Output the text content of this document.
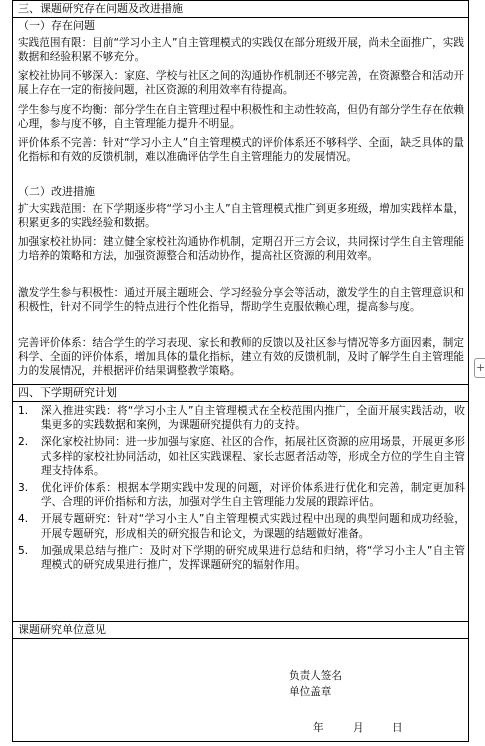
三、课题研究存在问题及改进措施
（一）存在问题
实践范围有限：目前“学习小主人”自主管理模式的实践仅在部分班级开展，尚未全面推广，实践数据和经验积累不够充分。
家校社协同不够深入：家庭、学校与社区之间的沟通协作机制还不够完善，在资源整合和活动开展上存在一定的衔接问题，社区资源的利用效率有待提高。
学生参与度不均衡：部分学生在自主管理过程中积极性和主动性较高，但仍有部分学生存在依赖心理，参与度不够，自主管理能力提升不明显。
评价体系不完善：针对“学习小主人”自主管理模式的评价体系还不够科学、全面，缺乏具体的量化指标和有效的反馈机制，难以准确评估学生自主管理能力的发展情况。
（二）改进措施
扩大实践范围：在下学期逐步将“学习小主人”自主管理模式推广到更多班级，增加实践样本量，积累更多的实践经验和数据。
加强家校社协同：建立健全家校社沟通协作机制，定期召开三方会议，共同探讨学生自主管理能力培养的策略和方法，加强资源整合和活动协作，提高社区资源的利用效率。
激发学生参与积极性：通过开展主题班会、学习经验分享会等活动，激发学生的自主管理意识和积极性，针对不同学生的特点进行个性化指导，帮助学生克服依赖心理，提高参与度。
完善评价体系：结合学生的学习表现、家长和教师的反馈以及社区参与情况等多方面因素，制定科学、全面的评价体系，增加具体的量化指标，建立有效的反馈机制，及时了解学生自主管理能力的发展情况，并根据评价结果调整教学策略。
四、下学期研究计划
1. 深入推进实践：将“学习小主人”自主管理模式在全校范围内推广，全面开展实践活动，收集更多的实践数据和案例，为课题研究提供有力的支持。
2. 深化家校社协同：进一步加强与家庭、社区的合作，拓展社区资源的应用场景，开展更多形式多样的家校社协同活动，如社区实践课程、家长志愿者活动等，形成全方位的学生自主管理支持体系。
3. 优化评价体系：根据本学期实践中发现的问题，对评价体系进行优化和完善，制定更加科学、合理的评价指标和方法，加强对学生自主管理能力发展的跟踪评估。
4. 开展专题研究：针对“学习小主人”自主管理模式实践过程中出现的典型问题和成功经验，开展专题研究，形成相关的研究报告和论文，为课题的结题做好准备。
5. 加强成果总结与推广：及时对下学期的研究成果进行总结和归纳，将“学习小主人”自主管理模式的研究成果进行推广，发挥课题研究的辐射作用。
课题研究单位意见
负责人签名
单位盖章
年	月	日
+
